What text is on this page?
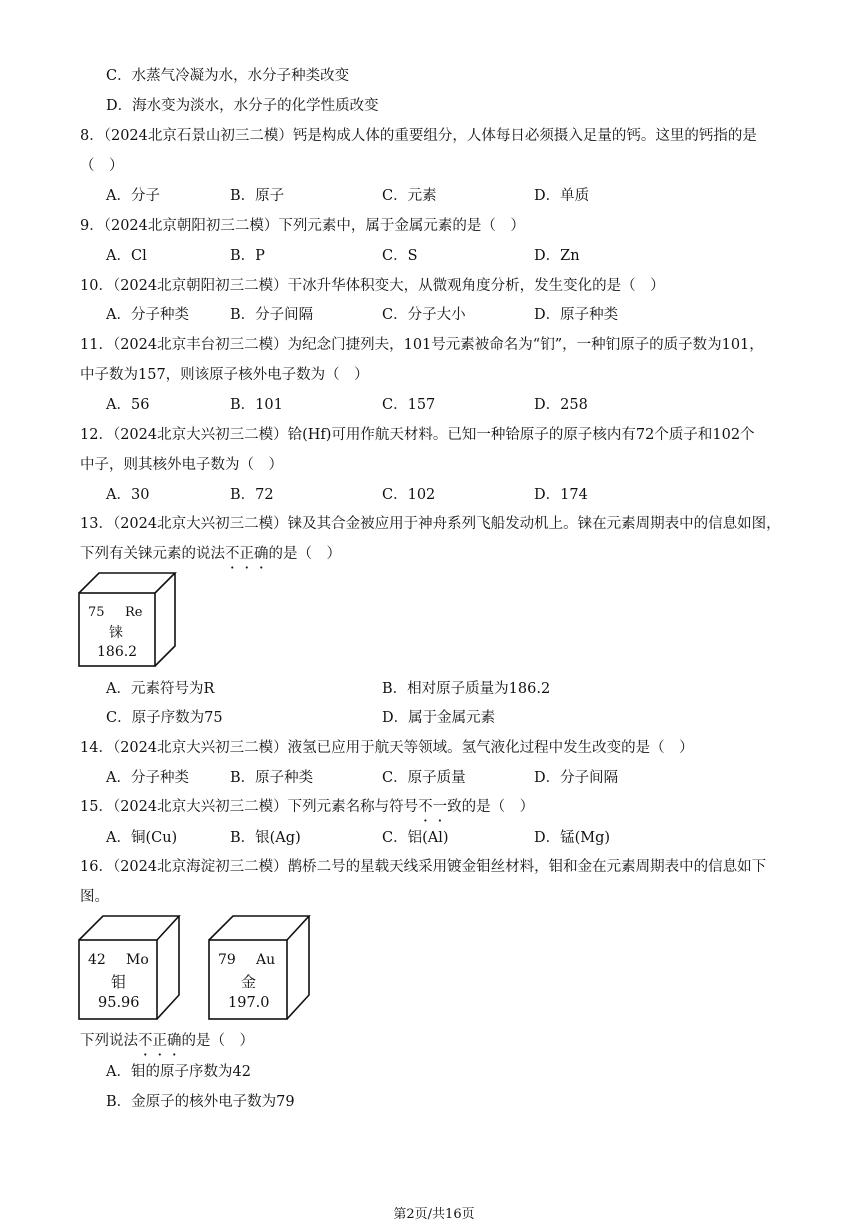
C．水蒸气冷凝为水，水分子种类改变
D．海水变为淡水，水分子的化学性质改变
8．（2024北京石景山初三二模）钙是构成人体的重要组分，人体每日必须摄入足量的钙。这里的钙指的是
（　）
A．分子	B．原子	C．元素	D．单质
9．（2024北京朝阳初三二模）下列元素中，属于金属元素的是（　）
A．Cl	B．P	C．S	D．Zn
10．（2024北京朝阳初三二模）干冰升华体积变大，从微观角度分析，发生变化的是（　）
A．分子种类	B．分子间隔	C．分子大小	D．原子种类
11．（2024北京丰台初三二模）为纪念门捷列夫，101号元素被命名为“钔”，一种钔原子的质子数为101，
中子数为157，则该原子核外电子数为（　）
A．56	B．101	C．157	D．258
12．（2024北京大兴初三二模）铪(Hf)可用作航天材料。已知一种铪原子的原子核内有72个质子和102个
中子，则其核外电子数为（　）
A．30	B．72	C．102	D．174
13．（2024北京大兴初三二模）铼及其合金被应用于神舟系列飞船发动机上。铼在元素周期表中的信息如图，
下列有关铼元素的说法不正确的是（　）
75 Re
铼
186.2
A．元素符号为R	B．相对原子质量为186.2
C．原子序数为75	D．属于金属元素
14．（2024北京大兴初三二模）液氢已应用于航天等领域。氢气液化过程中发生改变的是（　）
A．分子种类	B．原子种类	C．原子质量	D．分子间隔
15．（2024北京大兴初三二模）下列元素名称与符号不一致的是（　）
A．铜(Cu)	B．银(Ag)	C．铝(Al)	D．锰(Mg)
16．（2024北京海淀初三二模）鹊桥二号的星载天线采用镀金钼丝材料，钼和金在元素周期表中的信息如下
图。
42 Mo
钼
95.96
79 Au
金
197.0
下列说法不正确的是（　）
A．钼的原子序数为42
B．金原子的核外电子数为79
第2页/共16页
